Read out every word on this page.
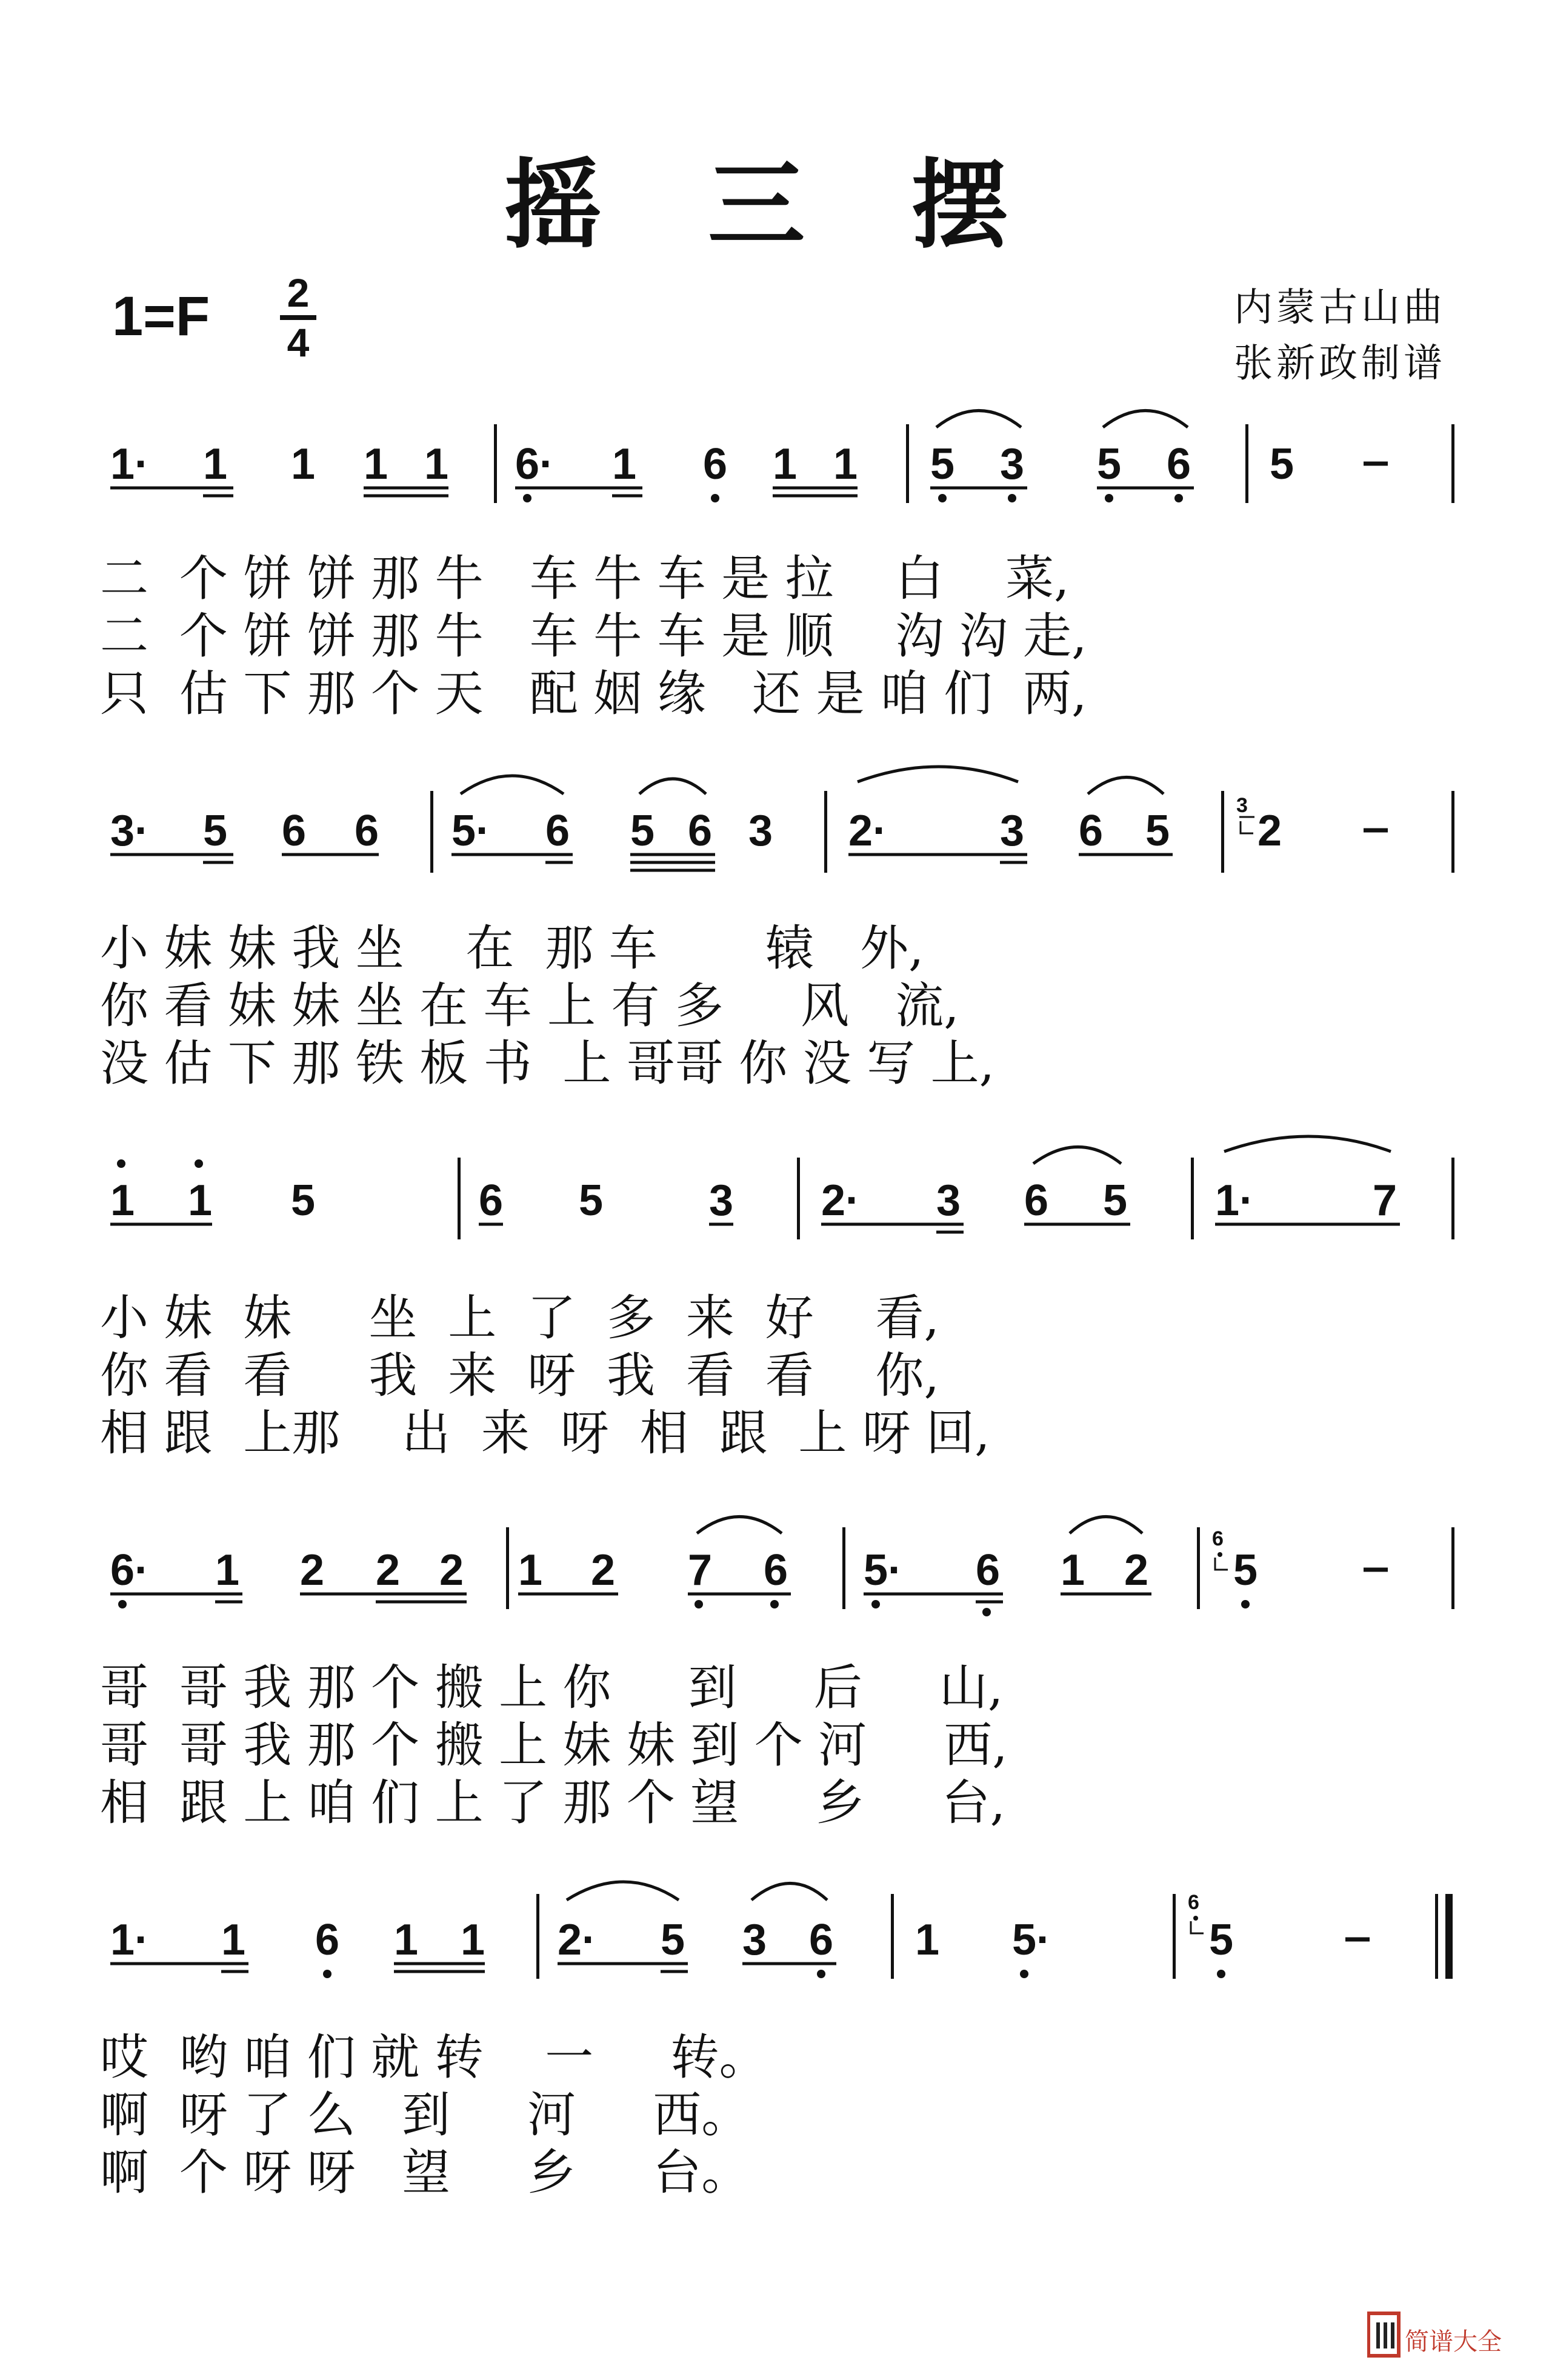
摇 三 摆
1=F 2
4
内蒙古山曲
张新政制谱
1· 1 1 1 1 6· 1 6 1 1 5 3 5 6 5
3· 5 6 6 5· 6 5 6 3 2·	3 6 5
3
2
1 1 5	6 5 3 2· 3 6 5 1·	7
6· 1 2 2 2 1 2 7 6 5· 6 1 2
6
5
1· 1 6 1 1 2· 5 3 6 1 5·
6
5
二  个 饼 饼 那 牛   车 牛 车 是 拉    白    菜,
二  个 饼 饼 那 牛   车 牛 车 是 顺    沟 沟 走,
只  估 下 那 个 天   配 姻 缘   还 是 咱 们  两,
小 妹 妹 我 坐    在  那 车       辕   外,
你 看 妹 妹 坐 在 车 上 有 多     风   流,
没 估 下 那 铁 板 书  上 哥哥 你 没 写 上,
小 妹  妹     坐  上  了  多  来  好    看,
你 看  看     我  来  呀  我  看  看    你,
相 跟  上那    出  来  呀  相  跟  上 呀 回,
哥  哥 我 那 个 搬 上 你     到     后     山,
哥  哥 我 那 个 搬 上 妹 妹 到 个 河     西,
相  跟 上 咱 们 上 了 那 个 望     乡     台,
哎  哟 咱 们 就 转    一     转。
啊  呀 了 么   到     河     西。
啊  个 呀 呀   望     乡     台。
简谱大全
